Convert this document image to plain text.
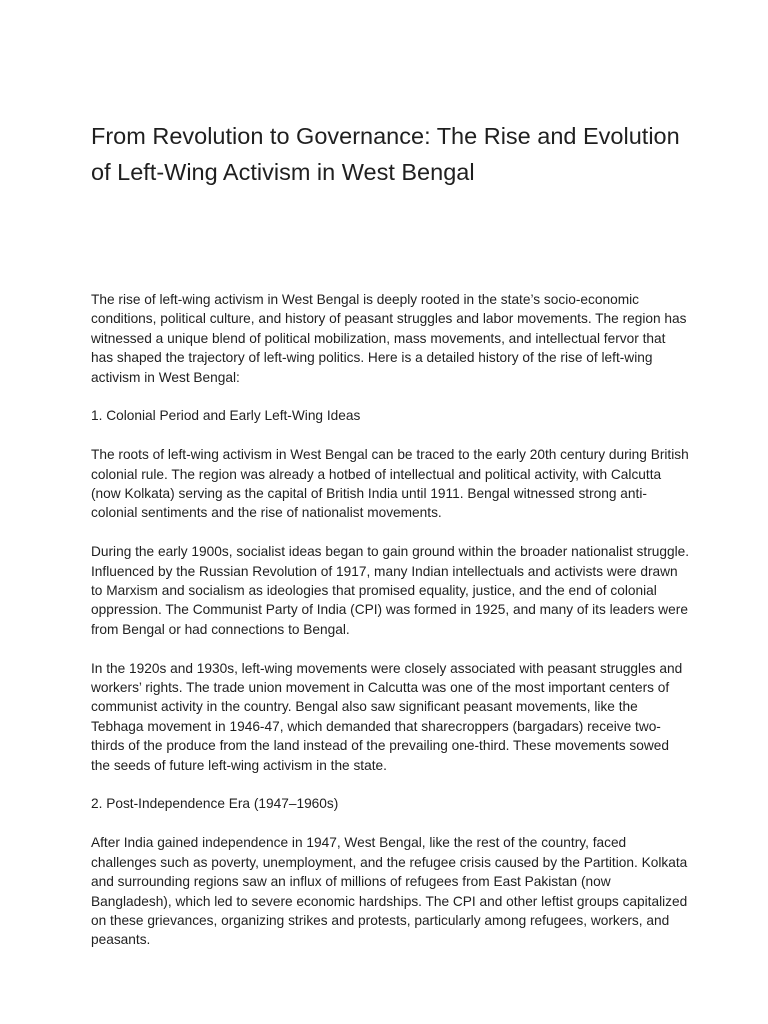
From Revolution to Governance: The Rise and Evolution of Left-Wing Activism in West Bengal

The rise of left-wing activism in West Bengal is deeply rooted in the state’s socio-economic conditions, political culture, and history of peasant struggles and labor movements. The region has witnessed a unique blend of political mobilization, mass movements, and intellectual fervor that has shaped the trajectory of left-wing politics. Here is a detailed history of the rise of left-wing activism in West Bengal:

1. Colonial Period and Early Left-Wing Ideas

The roots of left-wing activism in West Bengal can be traced to the early 20th century during British colonial rule. The region was already a hotbed of intellectual and political activity, with Calcutta (now Kolkata) serving as the capital of British India until 1911. Bengal witnessed strong anti-colonial sentiments and the rise of nationalist movements.

During the early 1900s, socialist ideas began to gain ground within the broader nationalist struggle. Influenced by the Russian Revolution of 1917, many Indian intellectuals and activists were drawn to Marxism and socialism as ideologies that promised equality, justice, and the end of colonial oppression. The Communist Party of India (CPI) was formed in 1925, and many of its leaders were from Bengal or had connections to Bengal.

In the 1920s and 1930s, left-wing movements were closely associated with peasant struggles and workers’ rights. The trade union movement in Calcutta was one of the most important centers of communist activity in the country. Bengal also saw significant peasant movements, like the Tebhaga movement in 1946-47, which demanded that sharecroppers (bargadars) receive two-thirds of the produce from the land instead of the prevailing one-third. These movements sowed the seeds of future left-wing activism in the state.

2. Post-Independence Era (1947–1960s)

After India gained independence in 1947, West Bengal, like the rest of the country, faced challenges such as poverty, unemployment, and the refugee crisis caused by the Partition. Kolkata and surrounding regions saw an influx of millions of refugees from East Pakistan (now Bangladesh), which led to severe economic hardships. The CPI and other leftist groups capitalized on these grievances, organizing strikes and protests, particularly among refugees, workers, and peasants.
